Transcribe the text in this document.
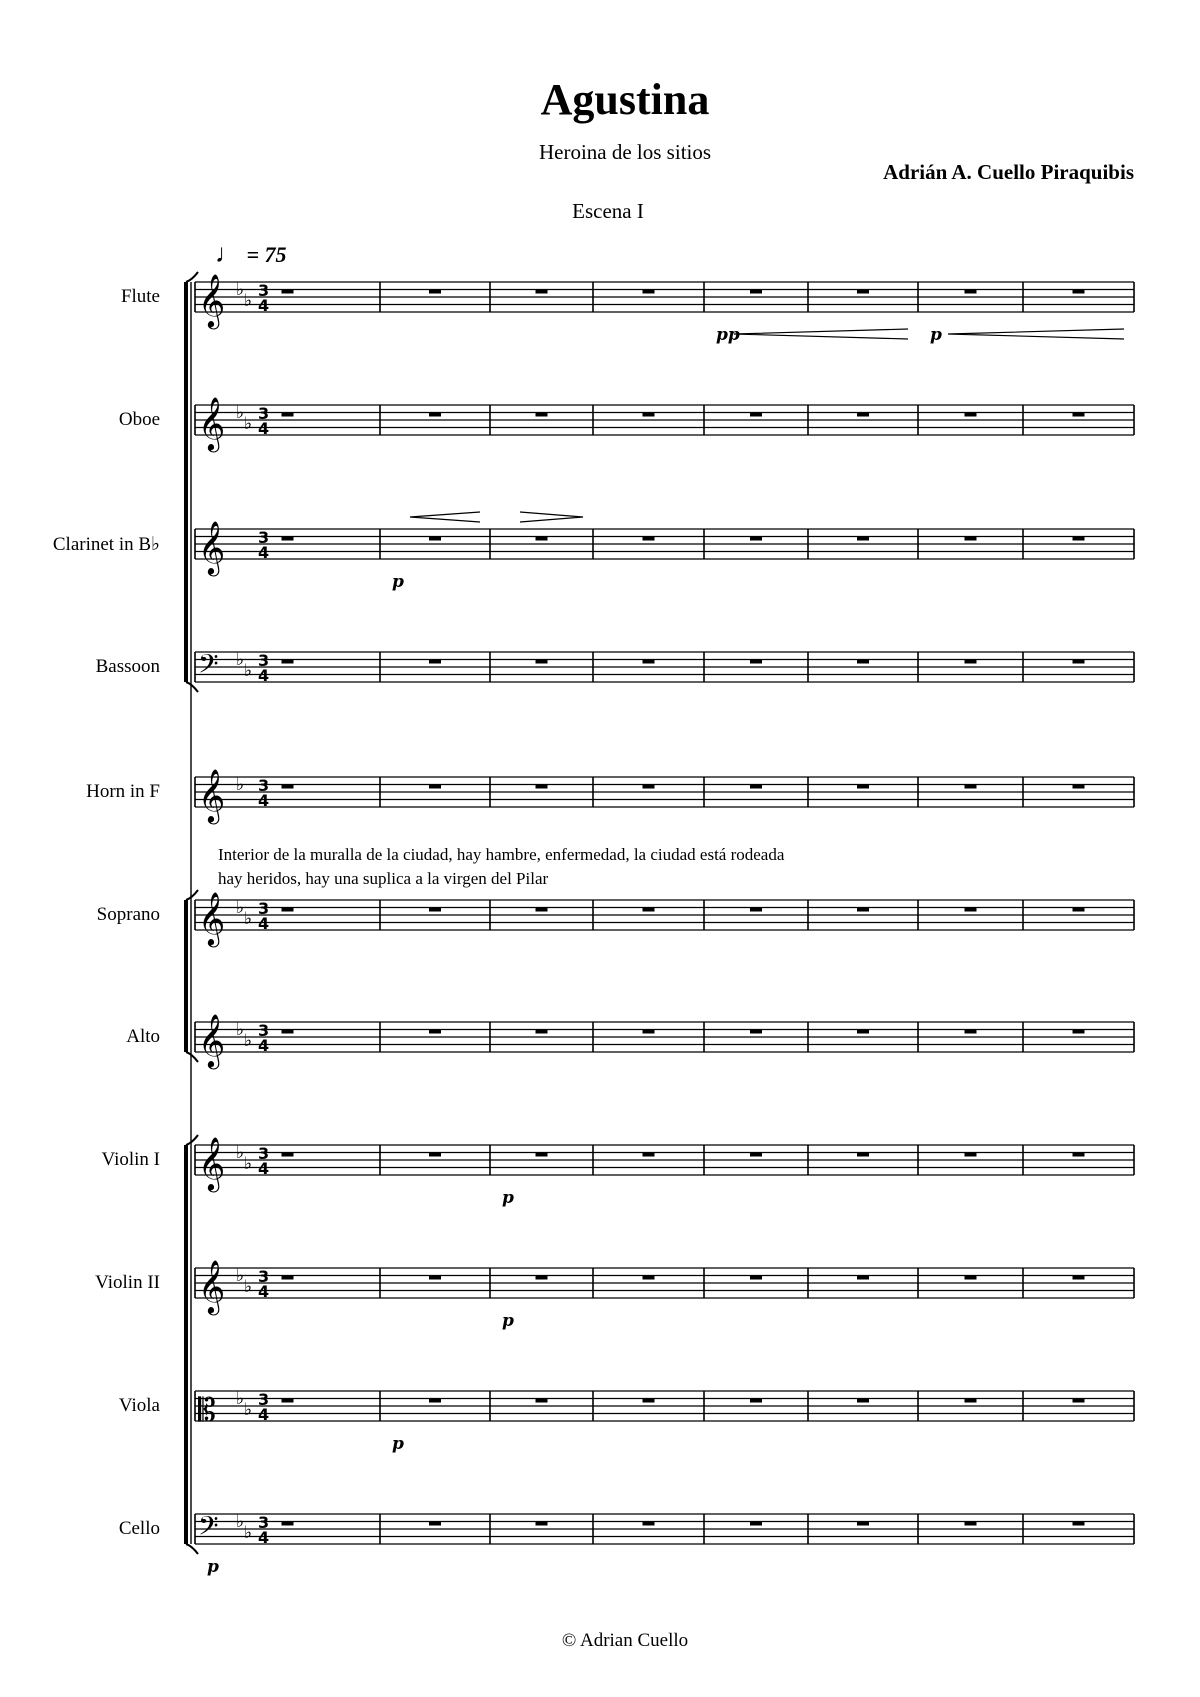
Agustina
Heroina de los sitios
Adrián A. Cuello Piraquibis
Escena I
♩ = 75
Interior de la muralla de la ciudad, hay hambre, enfermedad, la ciudad está rodeada
hay heridos, hay una suplica a la virgen del Pilar
Flute
Oboe
Clarinet in B♭
Bassoon
Horn in F
Soprano
Alto
Violin I
Violin II
Viola
Cello
𝄞 ♭
♭
3
4
pp	p
𝄞 ♭
♭
3
4
𝄞 3
4
p
𝄢 ♭
♭
3
4
𝄞 ♭ 3
4
𝄞 ♭
♭
3
4
𝄞 ♭
♭
3
4
𝄞 ♭
♭
3
4
p
𝄞 ♭
♭
3
4
p
𝄡 ♭
♭
3
4
p
𝄢 ♭
♭
3
4
p
© Adrian Cuello
